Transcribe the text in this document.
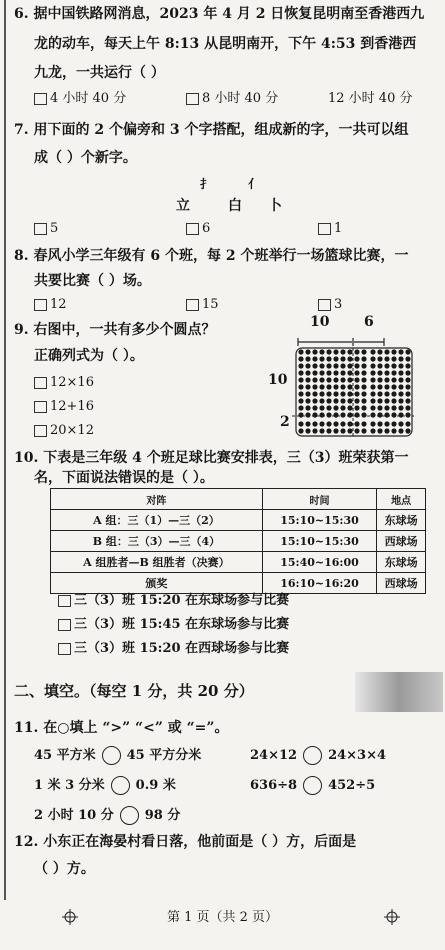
6. 据中国铁路网消息，2023 年 4 月 2 日恢复昆明南至香港西九
龙的动车，每天上午 8:13 从昆明南开，下午 4:53 到香港西
九龙，一共运行（ ）
4 小时 40 分	8 小时 40 分	12 小时 40 分
7. 用下面的 2 个偏旁和 3 个字搭配，组成新的字，一共可以组
成（ ）个新字。
扌	亻
立	白 卜
5	6	1
8. 春风小学三年级有 6 个班，每 2 个班举行一场篮球比赛，一
共要比赛（ ）场。
12	15	3
9. 右图中，一共有多少个圆点？
正确列式为（ ）。
12×16
12+16
20×12
10 6
10
2
10. 下表是三年级 4 个班足球比赛安排表，三（3）班荣获第一
名，下面说法错误的是（ ）。
对阵	时间	地点
A 组：三（1）—三（2）	15:10~15:30	东球场
B 组：三（3）—三（4）	15:10~15:30	西球场
A 组胜者—B 组胜者（决赛）	15:40~16:00	东球场
颁奖	16:10~16:20	西球场
三（3）班 15:20 在东球场参与比赛
三（3）班 15:45 在东球场参与比赛
三（3）班 15:20 在西球场参与比赛
二、填空。（每空 1 分，共 20 分）
11. 在○填上 “>” “<” 或 “=”。
45 平方米 45 平方分米	24×12 24×3×4
1 米 3 分米 0.9 米	636÷8 452÷5
2 小时 10 分 98 分
12. 小东正在海晏村看日落，他前面是（ ）方，后面是
（ ）方。
第 1 页（共 2 页）
